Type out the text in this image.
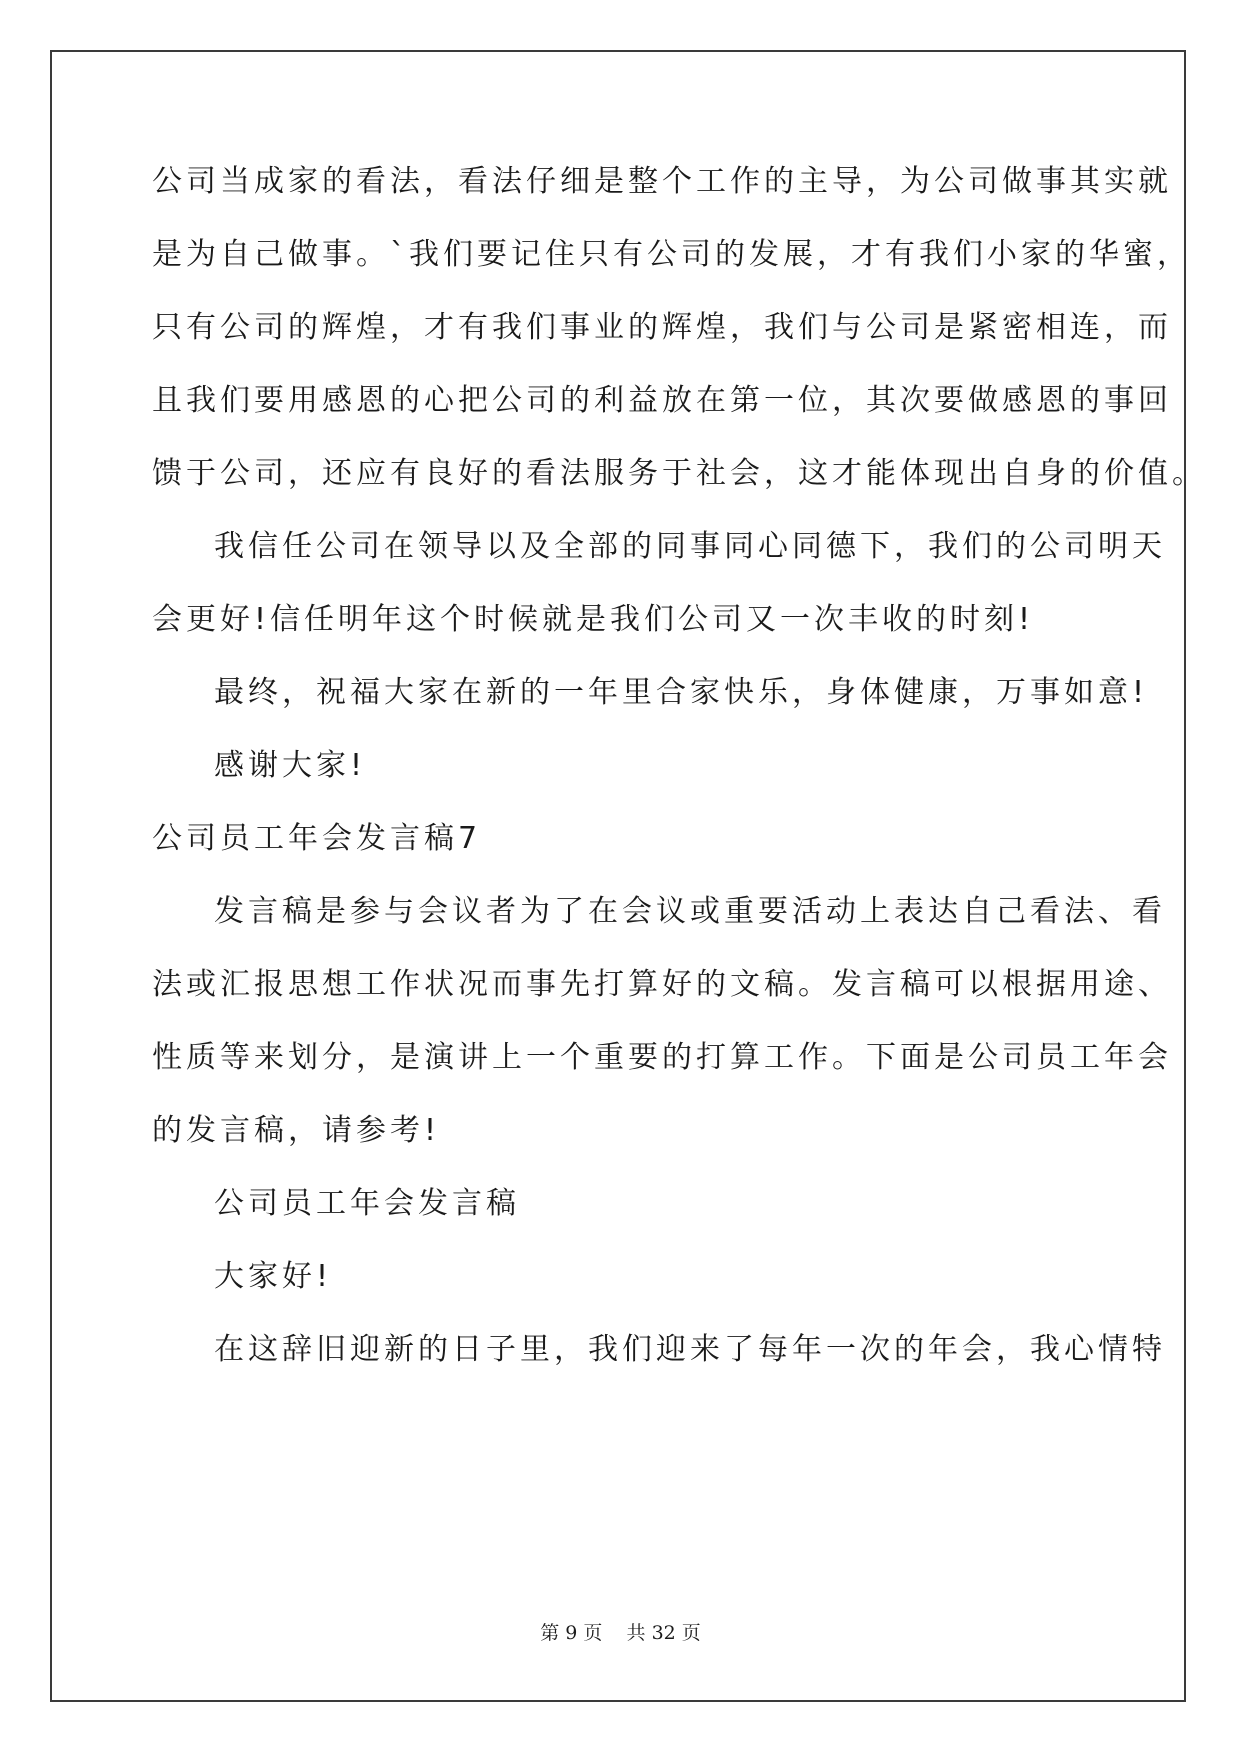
公司当成家的看法，看法仔细是整个工作的主导，为公司做事其实就
是为自己做事。`我们要记住只有公司的发展，才有我们小家的华蜜，
只有公司的辉煌，才有我们事业的辉煌，我们与公司是紧密相连，而
且我们要用感恩的心把公司的利益放在第一位，其次要做感恩的事回
馈于公司，还应有良好的看法服务于社会，这才能体现出自身的价值。
我信任公司在领导以及全部的同事同心同德下，我们的公司明天
会更好!信任明年这个时候就是我们公司又一次丰收的时刻!
最终，祝福大家在新的一年里合家快乐，身体健康，万事如意!
感谢大家!
公司员工年会发言稿7
发言稿是参与会议者为了在会议或重要活动上表达自己看法、看
法或汇报思想工作状况而事先打算好的文稿。发言稿可以根据用途、
性质等来划分，是演讲上一个重要的打算工作。下面是公司员工年会
的发言稿，请参考!
公司员工年会发言稿
大家好!
在这辞旧迎新的日子里，我们迎来了每年一次的年会，我心情特
第 9 页 共 32 页
